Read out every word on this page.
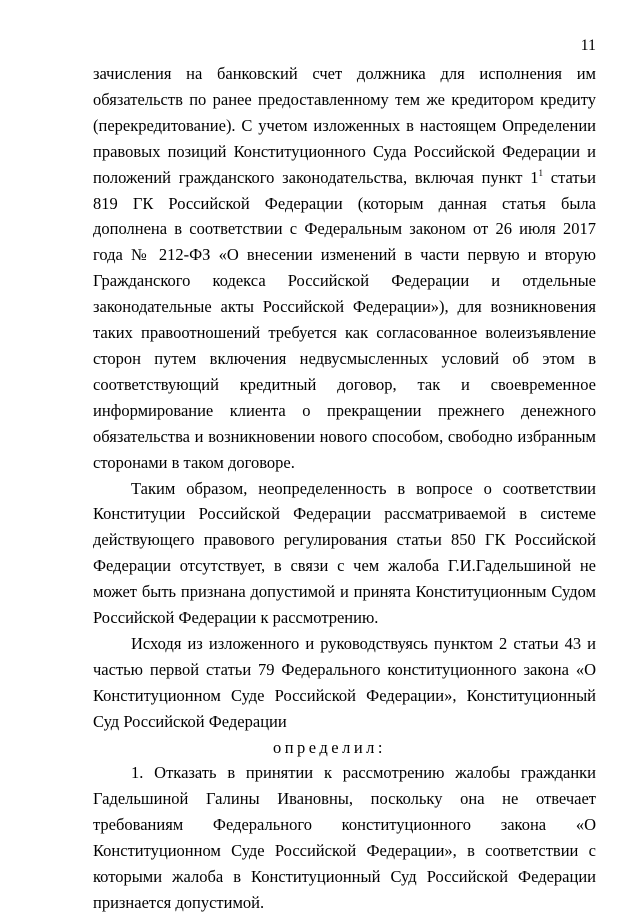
11

зачисления на банковский счет должника для исполнения им обязательств по ранее предоставленному тем же кредитором кредиту (перекредитование). С учетом изложенных в настоящем Определении правовых позиций Конституционного Суда Российской Федерации и положений гражданского законодательства, включая пункт $1^1$ статьи 819 ГК Российской Федерации (которым данная статья была дополнена в соответствии с Федеральным законом от 26 июля 2017 года № 212-ФЗ «О внесении изменений в части первую и вторую Гражданского кодекса Российской Федерации и отдельные законодательные акты Российской Федерации»), для возникновения таких правоотношений требуется как согласованное волеизъявление сторон путем включения недвусмысленных условий об этом в соответствующий кредитный договор, так и своевременное информирование клиента о прекращении прежнего денежного обязательства и возникновении нового способом, свободно избранным сторонами в таком договоре.

Таким образом, неопределенность в вопросе о соответствии Конституции Российской Федерации рассматриваемой в системе действующего правового регулирования статьи 850 ГК Российской Федерации отсутствует, в связи с чем жалоба Г.И.Гадельшиной не может быть признана допустимой и принята Конституционным Судом Российской Федерации к рассмотрению.

Исходя из изложенного и руководствуясь пунктом 2 статьи 43 и частью первой статьи 79 Федерального конституционного закона «О Конституционном Суде Российской Федерации», Конституционный Суд Российской Федерации

определил:

1. Отказать в принятии к рассмотрению жалобы гражданки Гадельшиной Галины Ивановны, поскольку она не отвечает требованиям Федерального конституционного закона «О Конституционном Суде Российской Федерации», в соответствии с которыми жалоба в Конституционный Суд Российской Федерации признается допустимой.
